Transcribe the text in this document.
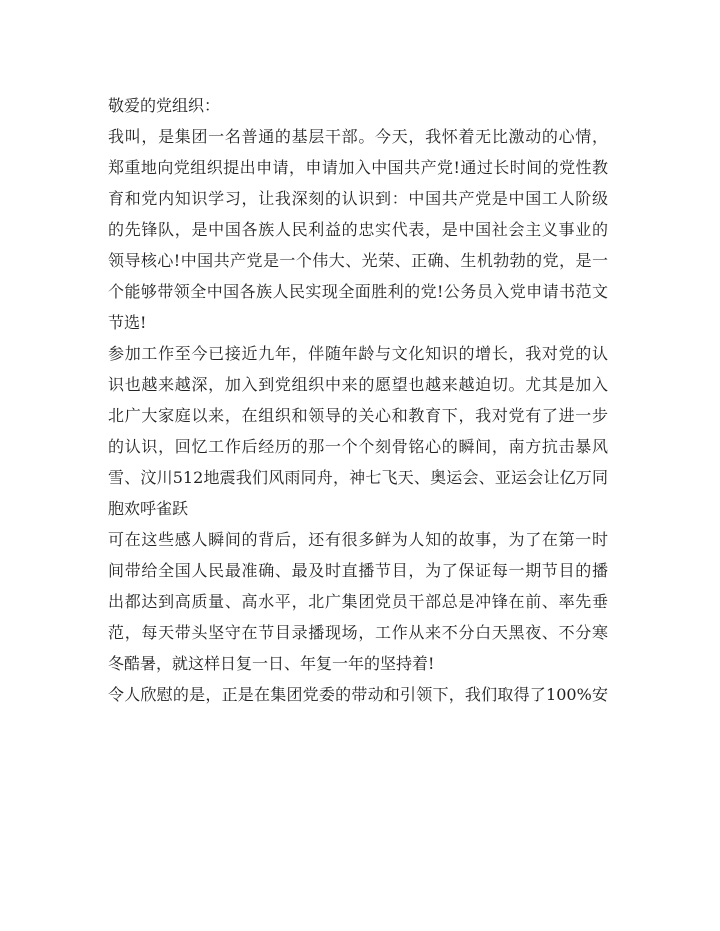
敬爱的党组织：
我叫，是集团一名普通的基层干部。今天，我怀着无比激动的心情，
郑重地向党组织提出申请，申请加入中国共产党!通过长时间的党性教
育和党内知识学习，让我深刻的认识到：中国共产党是中国工人阶级
的先锋队，是中国各族人民利益的忠实代表，是中国社会主义事业的
领导核心!中国共产党是一个伟大、光荣、正确、生机勃勃的党，是一
个能够带领全中国各族人民实现全面胜利的党!公务员入党申请书范文
节选!
参加工作至今已接近九年，伴随年龄与文化知识的增长，我对党的认
识也越来越深，加入到党组织中来的愿望也越来越迫切。尤其是加入
北广大家庭以来，在组织和领导的关心和教育下，我对党有了进一步
的认识，回忆工作后经历的那一个个刻骨铭心的瞬间，南方抗击暴风
雪、汶川512地震我们风雨同舟，神七飞天、奥运会、亚运会让亿万同
胞欢呼雀跃
可在这些感人瞬间的背后，还有很多鲜为人知的故事，为了在第一时
间带给全国人民最准确、最及时直播节目，为了保证每一期节目的播
出都达到高质量、高水平，北广集团党员干部总是冲锋在前、率先垂
范，每天带头坚守在节目录播现场，工作从来不分白天黑夜、不分寒
冬酷暑，就这样日复一日、年复一年的坚持着!
令人欣慰的是，正是在集团党委的带动和引领下，我们取得了100%安
